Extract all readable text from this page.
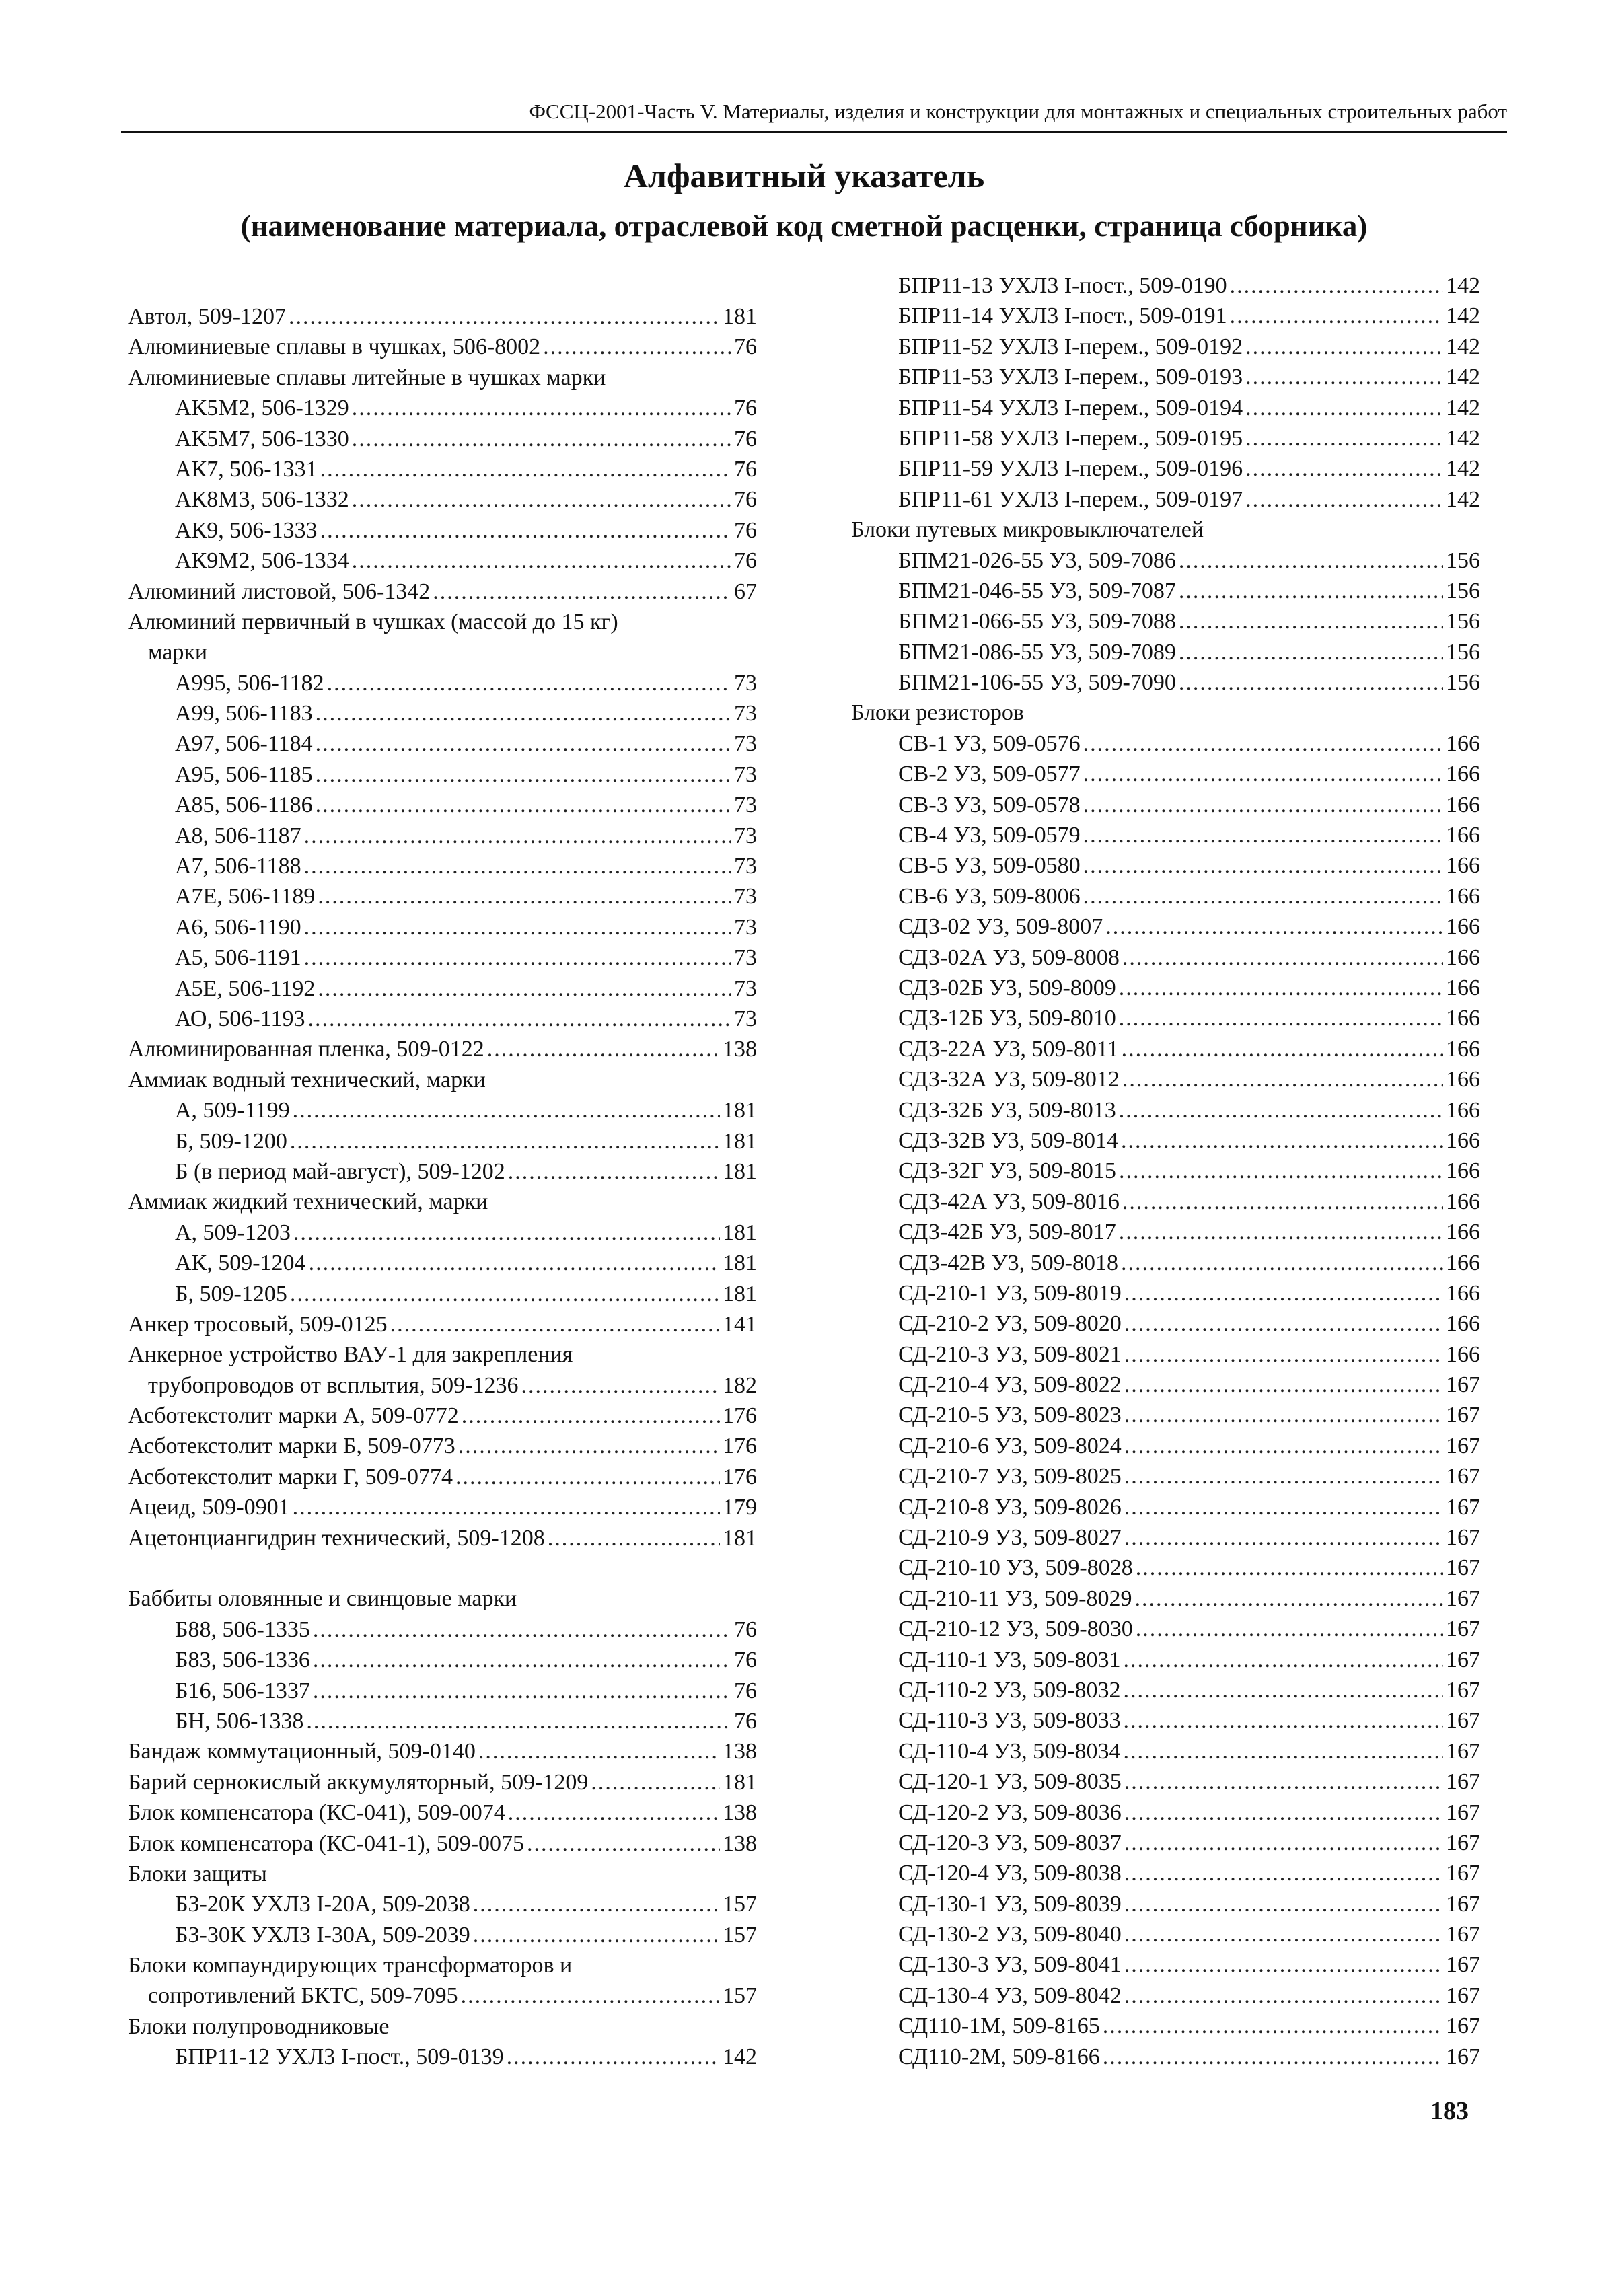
ФССЦ-2001-Часть V. Материалы, изделия и конструкции для монтажных и специальных строительных работ
Алфавитный указатель
(наименование материала, отраслевой код сметной расценки, страница сборника)
Автол, 509-1207 .....	181
Алюминиевые сплавы в чушках, 506-8002 .....	76
Алюминиевые сплавы литейные в чушках марки
АК5М2, 506-1329 .....	76
АК5М7, 506-1330 .....	76
АК7, 506-1331 .....	76
АК8М3, 506-1332 .....	76
АК9, 506-1333 .....	76
АК9М2, 506-1334 .....	76
Алюминий листовой, 506-1342 .....	67
Алюминий первичный в чушках (массой до 15 кг)
марки
А995, 506-1182 .....	73
А99, 506-1183 .....	73
А97, 506-1184 .....	73
А95, 506-1185 .....	73
А85, 506-1186 .....	73
А8, 506-1187 .....	73
А7, 506-1188 .....	73
А7Е, 506-1189 .....	73
А6, 506-1190 .....	73
А5, 506-1191 .....	73
А5Е, 506-1192 .....	73
АО, 506-1193 .....	73
Алюминированная пленка, 509-0122 .....	138
Аммиак водный технический, марки
А, 509-1199 .....	181
Б, 509-1200 .....	181
Б (в период май-август), 509-1202 .....	181
Аммиак жидкий технический, марки
А, 509-1203 .....	181
АК, 509-1204 .....	181
Б, 509-1205 .....	181
Анкер тросовый, 509-0125 .....	141
Анкерное устройство ВАУ-1 для закрепления
трубопроводов от всплытия, 509-1236 .....	182
Асботекстолит марки А, 509-0772 .....	176
Асботекстолит марки Б, 509-0773 .....	176
Асботекстолит марки Г, 509-0774 .....	176
Ацеид, 509-0901 .....	179
Ацетонциангидрин технический, 509-1208 .....	181
Баббиты оловянные и свинцовые марки
Б88, 506-1335 .....	76
Б83, 506-1336 .....	76
Б16, 506-1337 .....	76
БН, 506-1338 .....	76
Бандаж коммутационный, 509-0140 .....	138
Барий сернокислый аккумуляторный, 509-1209 .....	181
Блок компенсатора (КС-041), 509-0074 .....	138
Блок компенсатора (КС-041-1), 509-0075 .....	138
Блоки защиты
БЗ-20К УХЛ3 I-20А, 509-2038 .....	157
БЗ-30К УХЛ3 I-30А, 509-2039 .....	157
Блоки компаундирующих трансформаторов и
сопротивлений БКТС, 509-7095 .....	157
Блоки полупроводниковые
БПР11-12 УХЛ3 I-пост., 509-0139 .....	142
БПР11-13 УХЛ3 I-пост., 509-0190 .....	142
БПР11-14 УХЛ3 I-пост., 509-0191 .....	142
БПР11-52 УХЛ3 I-перем., 509-0192 .....	142
БПР11-53 УХЛ3 I-перем., 509-0193 .....	142
БПР11-54 УХЛ3 I-перем., 509-0194 .....	142
БПР11-58 УХЛ3 I-перем., 509-0195 .....	142
БПР11-59 УХЛ3 I-перем., 509-0196 .....	142
БПР11-61 УХЛ3 I-перем., 509-0197 .....	142
Блоки путевых микровыключателей
БПМ21-026-55 У3, 509-7086 .....	156
БПМ21-046-55 У3, 509-7087 .....	156
БПМ21-066-55 У3, 509-7088 .....	156
БПМ21-086-55 У3, 509-7089 .....	156
БПМ21-106-55 У3, 509-7090 .....	156
Блоки резисторов
СВ-1 У3, 509-0576 .....	166
СВ-2 У3, 509-0577 .....	166
СВ-3 У3, 509-0578 .....	166
СВ-4 У3, 509-0579 .....	166
СВ-5 У3, 509-0580 .....	166
СВ-6 У3, 509-8006 .....	166
СДЗ-02 У3, 509-8007 .....	166
СДЗ-02А У3, 509-8008 .....	166
СДЗ-02Б У3, 509-8009 .....	166
СДЗ-12Б У3, 509-8010 .....	166
СДЗ-22А У3, 509-8011 .....	166
СДЗ-32А У3, 509-8012 .....	166
СДЗ-32Б У3, 509-8013 .....	166
СДЗ-32В У3, 509-8014 .....	166
СДЗ-32Г У3, 509-8015 .....	166
СДЗ-42А У3, 509-8016 .....	166
СДЗ-42Б У3, 509-8017 .....	166
СДЗ-42В У3, 509-8018 .....	166
СД-210-1 У3, 509-8019 .....	166
СД-210-2 У3, 509-8020 .....	166
СД-210-3 У3, 509-8021 .....	166
СД-210-4 У3, 509-8022 .....	167
СД-210-5 У3, 509-8023 .....	167
СД-210-6 У3, 509-8024 .....	167
СД-210-7 У3, 509-8025 .....	167
СД-210-8 У3, 509-8026 .....	167
СД-210-9 У3, 509-8027 .....	167
СД-210-10 У3, 509-8028 .....	167
СД-210-11 У3, 509-8029 .....	167
СД-210-12 У3, 509-8030 .....	167
СД-110-1 У3, 509-8031 .....	167
СД-110-2 У3, 509-8032 .....	167
СД-110-3 У3, 509-8033 .....	167
СД-110-4 У3, 509-8034 .....	167
СД-120-1 У3, 509-8035 .....	167
СД-120-2 У3, 509-8036 .....	167
СД-120-3 У3, 509-8037 .....	167
СД-120-4 У3, 509-8038 .....	167
СД-130-1 У3, 509-8039 .....	167
СД-130-2 У3, 509-8040 .....	167
СД-130-3 У3, 509-8041 .....	167
СД-130-4 У3, 509-8042 .....	167
СД110-1М, 509-8165 .....	167
СД110-2М, 509-8166 .....	167
183
